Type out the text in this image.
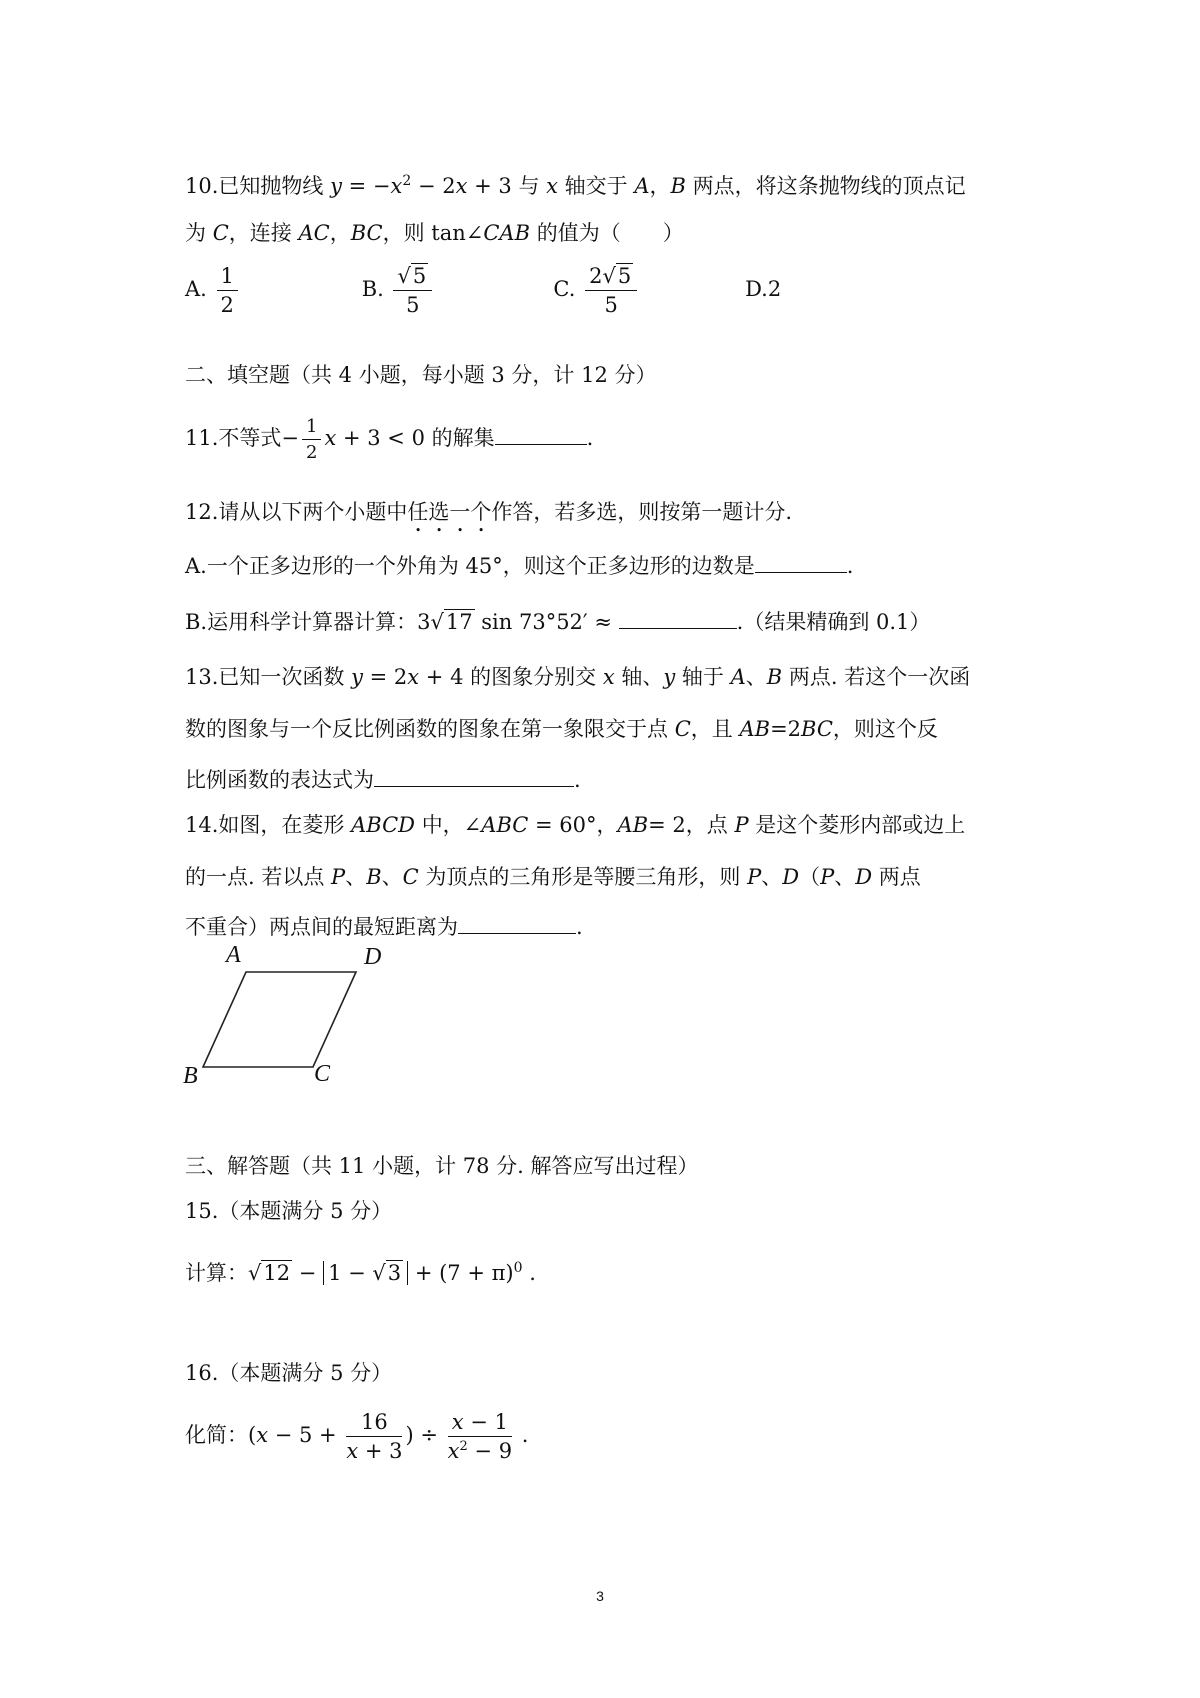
10.已知抛物线 $y = -x^2 - 2x + 3$ 与 x 轴交于 A，B 两点，将这条抛物线的顶点记
为 C，连接 AC，BC，则 tan∠CAB 的值为（　　）
A. $\frac{1}{2}$	B. $\frac{√5}{5}$	C. $\frac{2√5}{5}$	D.2
二、填空题（共 4 小题，每小题 3 分，计 12 分）
11.不等式− $\frac{1}{2}$ x + 3 < 0 的解集	.
12.请从以下两个小题中任选一个作答，若多选，则按第一题计分.
A.一个正多边形的一个外角为 45°，则这个正多边形的边数是	.
B.运用科学计算器计算：3√17 sin 73°52′ ≈	.（结果精确到 0.1）
13.已知一次函数 y = 2x + 4 的图象分别交 x 轴、y 轴于 A、B 两点. 若这个一次函
数的图象与一个反比例函数的图象在第一象限交于点 C，且 AB=2BC，则这个反
比例函数的表达式为	.
14.如图，在菱形 ABCD 中，∠ABC = 60°，AB= 2，点 P 是这个菱形内部或边上
的一点. 若以点 P、B、C 为顶点的三角形是等腰三角形，则 P、D（P、D 两点
不重合）两点间的最短距离为	.
A	D
B	C
三、解答题（共 11 小题，计 78 分. 解答应写出过程）
15.（本题满分 5 分）
计算：$√12 - 1 - √3 + (7 + \pi)^0$ .
16.（本题满分 5 分）
化简：($x - 5 + \frac{16}{x + 3}$ ) ÷ $\frac{x - 1}{x^2 - 9}$ .
3
